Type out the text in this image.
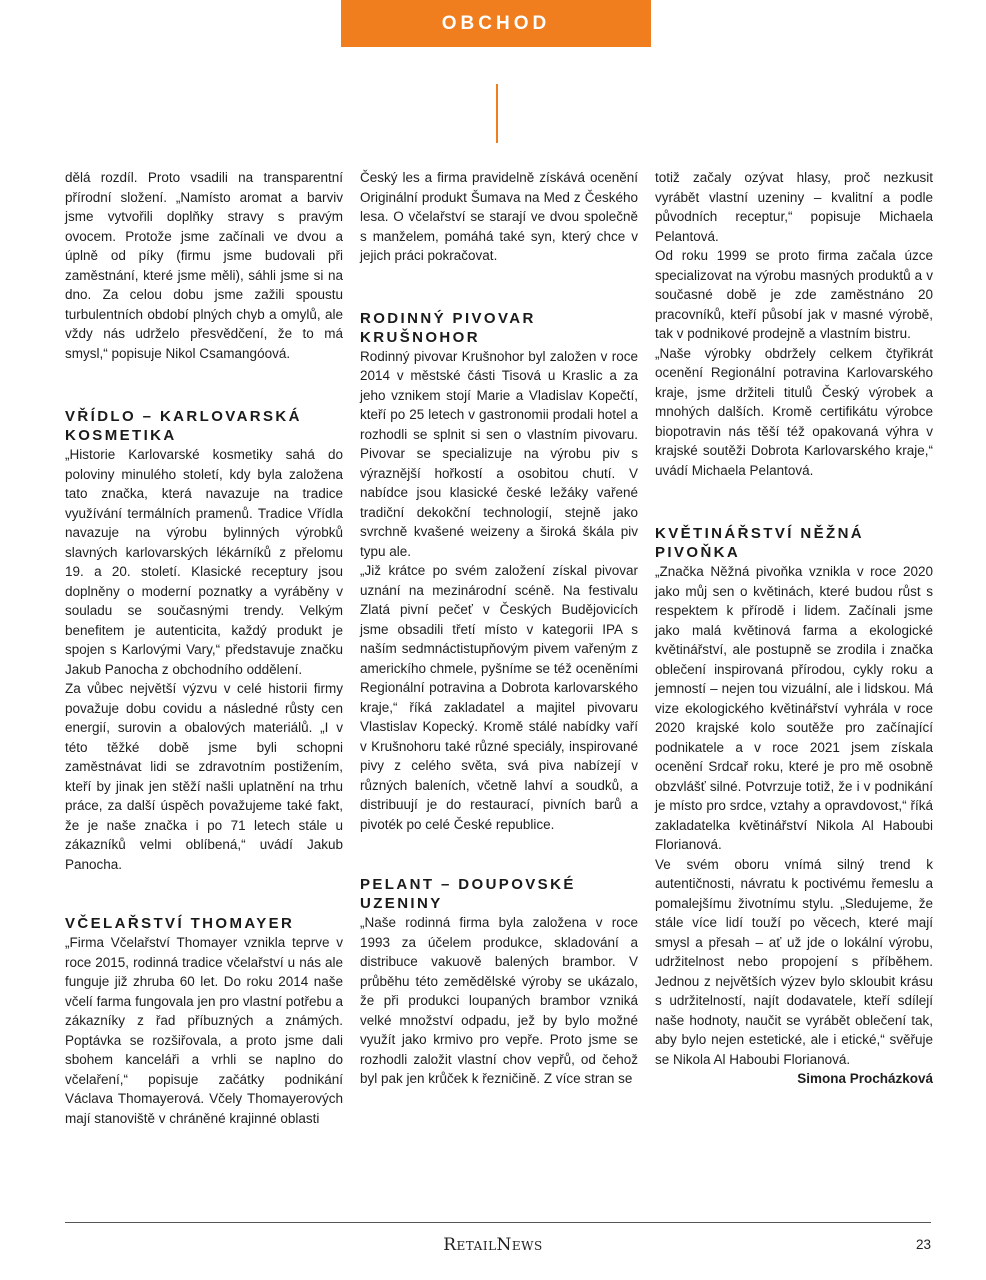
OBCHOD

dělá rozdíl. Proto vsadili na transparentní přírodní složení. „Namísto aromat a barviv jsme vytvořili doplňky stravy s pravým ovocem. Protože jsme začínali ve dvou a úplně od píky (firmu jsme budovali při zaměstnání, které jsme měli), sáhli jsme si na dno. Za celou dobu jsme zažili spoustu turbulentních období plných chyb a omylů, ale vždy nás udrželo přesvědčení, že to má smysl,“ popisuje Nikol Csamangóová.

VŘÍDLO – KARLOVARSKÁ KOSMETIKA

„Historie Karlovarské kosmetiky sahá do poloviny minulého století, kdy byla založena tato značka, která navazuje na tradice využívání termálních pramenů. Tradice Vřídla navazuje na výrobu bylinných výrobků slavných karlovarských lékárníků z přelomu 19. a 20. století. Klasické receptury jsou doplněny o moderní poznatky a vyráběny v souladu se současnými trendy. Velkým benefitem je autenticita, každý produkt je spojen s Karlovými Vary,“ představuje značku Jakub Panocha z obchodního oddělení.

Za vůbec největší výzvu v celé historii firmy považuje dobu covidu a následné růsty cen energií, surovin a obalových materiálů. „I v této těžké době jsme byli schopni zaměstnávat lidi se zdravotním postižením, kteří by jinak jen stěží našli uplatnění na trhu práce, za další úspěch považujeme také fakt, že je naše značka i po 71 letech stále u zákazníků velmi oblíbená,“ uvádí Jakub Panocha.

VČELAŘSTVÍ THOMAYER

„Firma Včelařství Thomayer vznikla teprve v roce 2015, rodinná tradice včelařství u nás ale funguje již zhruba 60 let. Do roku 2014 naše včelí farma fungovala jen pro vlastní potřebu a zákazníky z řad příbuzných a známých. Poptávka se rozšiřovala, a proto jsme dali sbohem kanceláři a vrhli se naplno do včelaření,“ popisuje začátky podnikání Václava Thomayerová. Včely Thomayerových mají stanoviště v chráněné krajinné oblasti

Český les a firma pravidelně získává ocenění Originální produkt Šumava na Med z Českého lesa. O včelařství se starají ve dvou společně s manželem, pomáhá také syn, který chce v jejich práci pokračovat.

RODINNÝ PIVOVAR KRUŠNOHOR

Rodinný pivovar Krušnohor byl založen v roce 2014 v městské části Tisová u Kraslic a za jeho vznikem stojí Marie a Vladislav Kopečtí, kteří po 25 letech v gastronomii prodali hotel a rozhodli se splnit si sen o vlastním pivovaru. Pivovar se specializuje na výrobu piv s výraznější hořkostí a osobitou chutí. V nabídce jsou klasické české ležáky vařené tradiční dekokční technologií, stejně jako svrchně kvašené weizeny a široká škála piv typu ale.

„Již krátce po svém založení získal pivovar uznání na mezinárodní scéně. Na festivalu Zlatá pivní pečeť v Českých Budějovicích jsme obsadili třetí místo v kategorii IPA s naším sedmnáctistupňovým pivem vařeným z americkího chmele, pyšníme se též oceněními Regionální potravina a Dobrota karlovarského kraje,“ říká zakladatel a majitel pivovaru Vlastislav Kopecký. Kromě stálé nabídky vaří v Krušnohoru také různé speciály, inspirované pivy z celého světa, svá piva nabízejí v různých baleních, včetně lahví a soudků, a distribuují je do restaurací, pivních barů a pivoték po celé České republice.

PELANT – DOUPOVSKÉ UZENINY

„Naše rodinná firma byla založena v roce 1993 za účelem produkce, skladování a distribuce vakuově balených brambor. V průběhu této zemědělské výroby se ukázalo, že při produkci loupaných brambor vzniká velké množství odpadu, jež by bylo možné využít jako krmivo pro vepře. Proto jsme se rozhodli založit vlastní chov vepřů, od čehož byl pak jen krůček k řezničině. Z více stran se

totiž začaly ozývat hlasy, proč nezkusit vyrábět vlastní uzeniny – kvalitní a podle původních receptur,“ popisuje Michaela Pelantová.

Od roku 1999 se proto firma začala úzce specializovat na výrobu masných produktů a v současné době je zde zaměstnáno 20 pracovníků, kteří působí jak v masné výrobě, tak v podnikové prodejně a vlastním bistru.

„Naše výrobky obdržely celkem čtyřikrát ocenění Regionální potravina Karlovarského kraje, jsme držiteli titulů Český výrobek a mnohých dalších. Kromě certifikátu výrobce biopotravin nás těší též opakovaná výhra v krajské soutěži Dobrota Karlovarského kraje,“ uvádí Michaela Pelantová.

KVĚTINÁŘSTVÍ NĚŽNÁ PIVOŇKA

„Značka Něžná pivoňka vznikla v roce 2020 jako můj sen o květinách, které budou růst s respektem k přírodě i lidem. Začínali jsme jako malá květinová farma a ekologické květinářství, ale postupně se zrodila i značka oblečení inspirovaná přírodou, cykly roku a jemností – nejen tou vizuální, ale i lidskou. Má vize ekologického květinářství vyhrála v roce 2020 krajské kolo soutěže pro začínající podnikatele a v roce 2021 jsem získala ocenění Srdcař roku, které je pro mě osobně obzvlášť silné. Potvrzuje totiž, že i v podnikání je místo pro srdce, vztahy a opravdovost,“ říká zakladatelka květinářství Nikola Al Haboubi Florianová.

Ve svém oboru vnímá silný trend k autentičnosti, návratu k poctivému řemeslu a pomalejšímu životnímu stylu. „Sledujeme, že stále více lidí touží po věcech, které mají smysl a přesah – ať už jde o lokální výrobu, udržitelnost nebo propojení s příběhem. Jednou z největších výzev bylo skloubit krásu s udržitelností, najít dodavatele, kteří sdílejí naše hodnoty, naučit se vyrábět oblečení tak, aby bylo nejen estetické, ale i etické,“ svěřuje se Nikola Al Haboubi Florianová.

Simona Procházková

RetailNews	23
